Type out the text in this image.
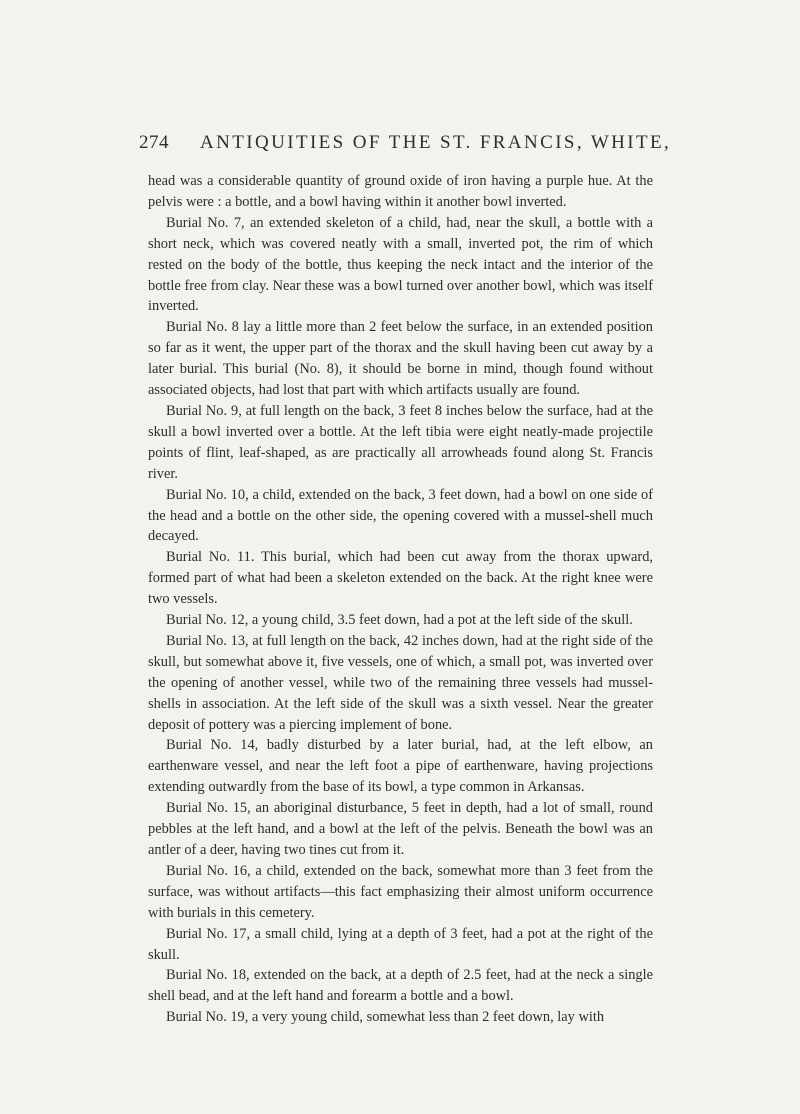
274 ANTIQUITIES OF THE ST. FRANCIS, WHITE,

head was a considerable quantity of ground oxide of iron having a purple hue. At the pelvis were : a bottle, and a bowl having within it another bowl inverted.

Burial No. 7, an extended skeleton of a child, had, near the skull, a bottle with a short neck, which was covered neatly with a small, inverted pot, the rim of which rested on the body of the bottle, thus keeping the neck intact and the interior of the bottle free from clay. Near these was a bowl turned over another bowl, which was itself inverted.

Burial No. 8 lay a little more than 2 feet below the surface, in an extended position so far as it went, the upper part of the thorax and the skull having been cut away by a later burial. This burial (No. 8), it should be borne in mind, though found without associated objects, had lost that part with which artifacts usually are found.

Burial No. 9, at full length on the back, 3 feet 8 inches below the surface, had at the skull a bowl inverted over a bottle. At the left tibia were eight neatly-made projectile points of flint, leaf-shaped, as are practically all arrowheads found along St. Francis river.

Burial No. 10, a child, extended on the back, 3 feet down, had a bowl on one side of the head and a bottle on the other side, the opening covered with a mussel-shell much decayed.

Burial No. 11. This burial, which had been cut away from the thorax upward, formed part of what had been a skeleton extended on the back. At the right knee were two vessels.

Burial No. 12, a young child, 3.5 feet down, had a pot at the left side of the skull.

Burial No. 13, at full length on the back, 42 inches down, had at the right side of the skull, but somewhat above it, five vessels, one of which, a small pot, was inverted over the opening of another vessel, while two of the remaining three vessels had mussel-shells in association. At the left side of the skull was a sixth vessel. Near the greater deposit of pottery was a piercing implement of bone.

Burial No. 14, badly disturbed by a later burial, had, at the left elbow, an earthenware vessel, and near the left foot a pipe of earthenware, having projections extending outwardly from the base of its bowl, a type common in Arkansas.

Burial No. 15, an aboriginal disturbance, 5 feet in depth, had a lot of small, round pebbles at the left hand, and a bowl at the left of the pelvis. Beneath the bowl was an antler of a deer, having two tines cut from it.

Burial No. 16, a child, extended on the back, somewhat more than 3 feet from the surface, was without artifacts—this fact emphasizing their almost uniform occurrence with burials in this cemetery.

Burial No. 17, a small child, lying at a depth of 3 feet, had a pot at the right of the skull.

Burial No. 18, extended on the back, at a depth of 2.5 feet, had at the neck a single shell bead, and at the left hand and forearm a bottle and a bowl.

Burial No. 19, a very young child, somewhat less than 2 feet down, lay with
